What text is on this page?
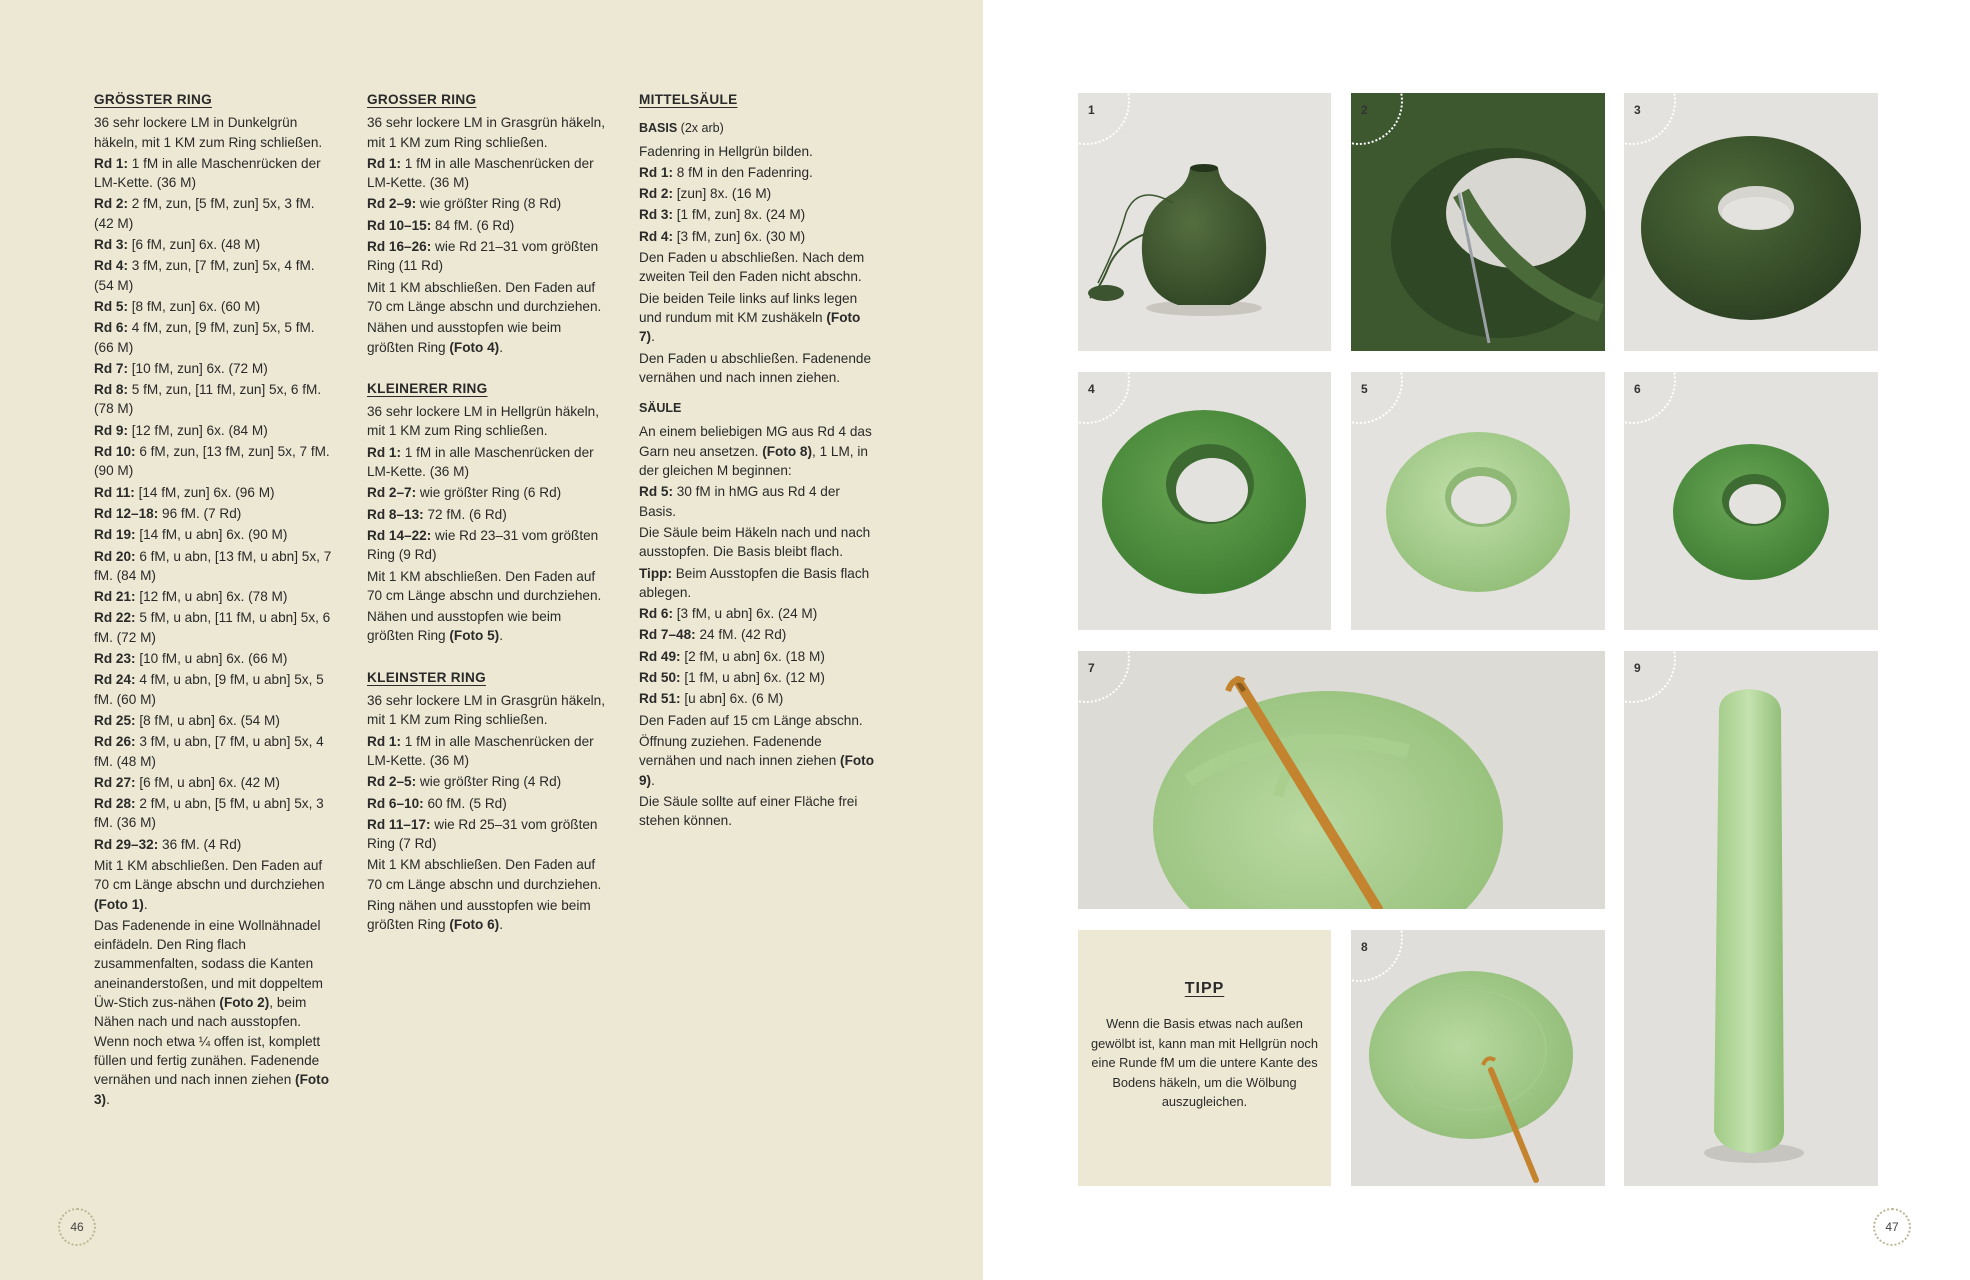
GRÖSSTER RING

36 sehr lockere LM in Dunkelgrün häkeln, mit 1 KM zum Ring schließen.

Rd 1: 1 fM in alle Maschenrücken der LM-Kette. (36 M)

Rd 2: 2 fM, zun, [5 fM, zun] 5x, 3 fM. (42 M)

Rd 3: [6 fM, zun] 6x. (48 M)

Rd 4: 3 fM, zun, [7 fM, zun] 5x, 4 fM. (54 M)

Rd 5: [8 fM, zun] 6x. (60 M)

Rd 6: 4 fM, zun, [9 fM, zun] 5x, 5 fM. (66 M)

Rd 7: [10 fM, zun] 6x. (72 M)

Rd 8: 5 fM, zun, [11 fM, zun] 5x, 6 fM. (78 M)

Rd 9: [12 fM, zun] 6x. (84 M)

Rd 10: 6 fM, zun, [13 fM, zun] 5x, 7 fM. (90 M)

Rd 11: [14 fM, zun] 6x. (96 M)

Rd 12–18: 96 fM. (7 Rd)

Rd 19: [14 fM, u abn] 6x. (90 M)

Rd 20: 6 fM, u abn, [13 fM, u abn] 5x, 7 fM. (84 M)

Rd 21: [12 fM, u abn] 6x. (78 M)

Rd 22: 5 fM, u abn, [11 fM, u abn] 5x, 6 fM. (72 M)

Rd 23: [10 fM, u abn] 6x. (66 M)

Rd 24: 4 fM, u abn, [9 fM, u abn] 5x, 5 fM. (60 M)

Rd 25: [8 fM, u abn] 6x. (54 M)

Rd 26: 3 fM, u abn, [7 fM, u abn] 5x, 4 fM. (48 M)

Rd 27: [6 fM, u abn] 6x. (42 M)

Rd 28: 2 fM, u abn, [5 fM, u abn] 5x, 3 fM. (36 M)

Rd 29–32: 36 fM. (4 Rd)

Mit 1 KM abschließen. Den Faden auf 70 cm Länge abschn und durchziehen (Foto 1).

Das Fadenende in eine Wollnähnadel einfädeln. Den Ring flach zusammenfalten, sodass die Kanten aneinanderstoßen, und mit doppeltem Üw-Stich zus-nähen (Foto 2), beim Nähen nach und nach ausstopfen. Wenn noch etwa ¼ offen ist, komplett füllen und fertig zunähen. Fadenende vernähen und nach innen ziehen (Foto 3).

GROSSER RING

36 sehr lockere LM in Grasgrün häkeln, mit 1 KM zum Ring schließen.

Rd 1: 1 fM in alle Maschenrücken der LM-Kette. (36 M)

Rd 2–9: wie größter Ring (8 Rd)

Rd 10–15: 84 fM. (6 Rd)

Rd 16–26: wie Rd 21–31 vom größten Ring (11 Rd)

Mit 1 KM abschließen. Den Faden auf 70 cm Länge abschn und durchziehen.

Nähen und ausstopfen wie beim größten Ring (Foto 4).

KLEINERER RING

36 sehr lockere LM in Hellgrün häkeln, mit 1 KM zum Ring schließen.

Rd 1: 1 fM in alle Maschenrücken der LM-Kette. (36 M)

Rd 2–7: wie größter Ring (6 Rd)

Rd 8–13: 72 fM. (6 Rd)

Rd 14–22: wie Rd 23–31 vom größten Ring (9 Rd)

Mit 1 KM abschließen. Den Faden auf 70 cm Länge abschn und durchziehen.

Nähen und ausstopfen wie beim größten Ring (Foto 5).

KLEINSTER RING

36 sehr lockere LM in Grasgrün häkeln, mit 1 KM zum Ring schließen.

Rd 1: 1 fM in alle Maschenrücken der LM-Kette. (36 M)

Rd 2–5: wie größter Ring (4 Rd)

Rd 6–10: 60 fM. (5 Rd)

Rd 11–17: wie Rd 25–31 vom größten Ring (7 Rd)

Mit 1 KM abschließen. Den Faden auf 70 cm Länge abschn und durchziehen.

Ring nähen und ausstopfen wie beim größten Ring (Foto 6).

MITTELSÄULE
BASIS (2x arb)

Fadenring in Hellgrün bilden.

Rd 1: 8 fM in den Fadenring.

Rd 2: [zun] 8x. (16 M)

Rd 3: [1 fM, zun] 8x. (24 M)

Rd 4: [3 fM, zun] 6x. (30 M)

Den Faden u abschließen. Nach dem zweiten Teil den Faden nicht abschn.

Die beiden Teile links auf links legen und rundum mit KM zushäkeln (Foto 7).

Den Faden u abschließen. Fadenende vernähen und nach innen ziehen.

SÄULE

An einem beliebigen MG aus Rd 4 das Garn neu ansetzen. (Foto 8), 1 LM, in der gleichen M beginnen:

Rd 5: 30 fM in hMG aus Rd 4 der Basis.

Die Säule beim Häkeln nach und nach ausstopfen. Die Basis bleibt flach.

Tipp: Beim Ausstopfen die Basis flach ablegen.

Rd 6: [3 fM, u abn] 6x. (24 M)

Rd 7–48: 24 fM. (42 Rd)

Rd 49: [2 fM, u abn] 6x. (18 M)

Rd 50: [1 fM, u abn] 6x. (12 M)

Rd 51: [u abn] 6x. (6 M)

Den Faden auf 15 cm Länge abschn.

Öffnung zuziehen. Fadenende vernähen und nach innen ziehen (Foto 9).

Die Säule sollte auf einer Fläche frei stehen können.

46	47
1	2	3
4	5	6
7
8
9
TIPP
Wenn die Basis etwas nach außen gewölbt ist, kann man mit Hellgrün noch eine Runde fM um die untere Kante des Bodens häkeln, um die Wölbung auszugleichen.
